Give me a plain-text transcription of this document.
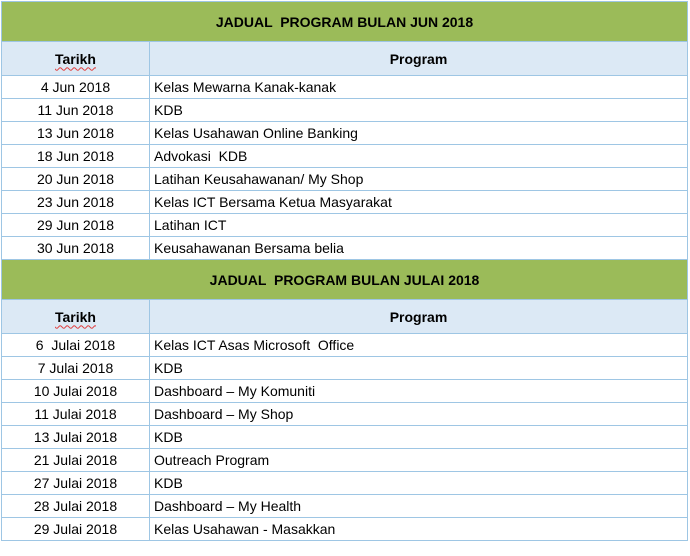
JADUAL  PROGRAM BULAN JUN 2018	
Tarikh	Program
4 Jun 2018	Kelas Mewarna Kanak-kanak
11 Jun 2018	KDB
13 Jun 2018	Kelas Usahawan Online Banking
18 Jun 2018	Advokasi  KDB
20 Jun 2018	Latihan Keusahawanan/ My Shop
23 Jun 2018	Kelas ICT Bersama Ketua Masyarakat
29 Jun 2018	Latihan ICT
30 Jun 2018	Keusahawanan Bersama belia
JADUAL  PROGRAM BULAN JULAI 2018	
Tarikh	Program
6  Julai 2018	Kelas ICT Asas Microsoft  Office
7 Julai 2018	KDB
10 Julai 2018	Dashboard – My Komuniti
11 Julai 2018	Dashboard – My Shop
13 Julai 2018	KDB
21 Julai 2018	Outreach Program
27 Julai 2018	KDB
28 Julai 2018	Dashboard – My Health
29 Julai 2018	Kelas Usahawan - Masakkan
